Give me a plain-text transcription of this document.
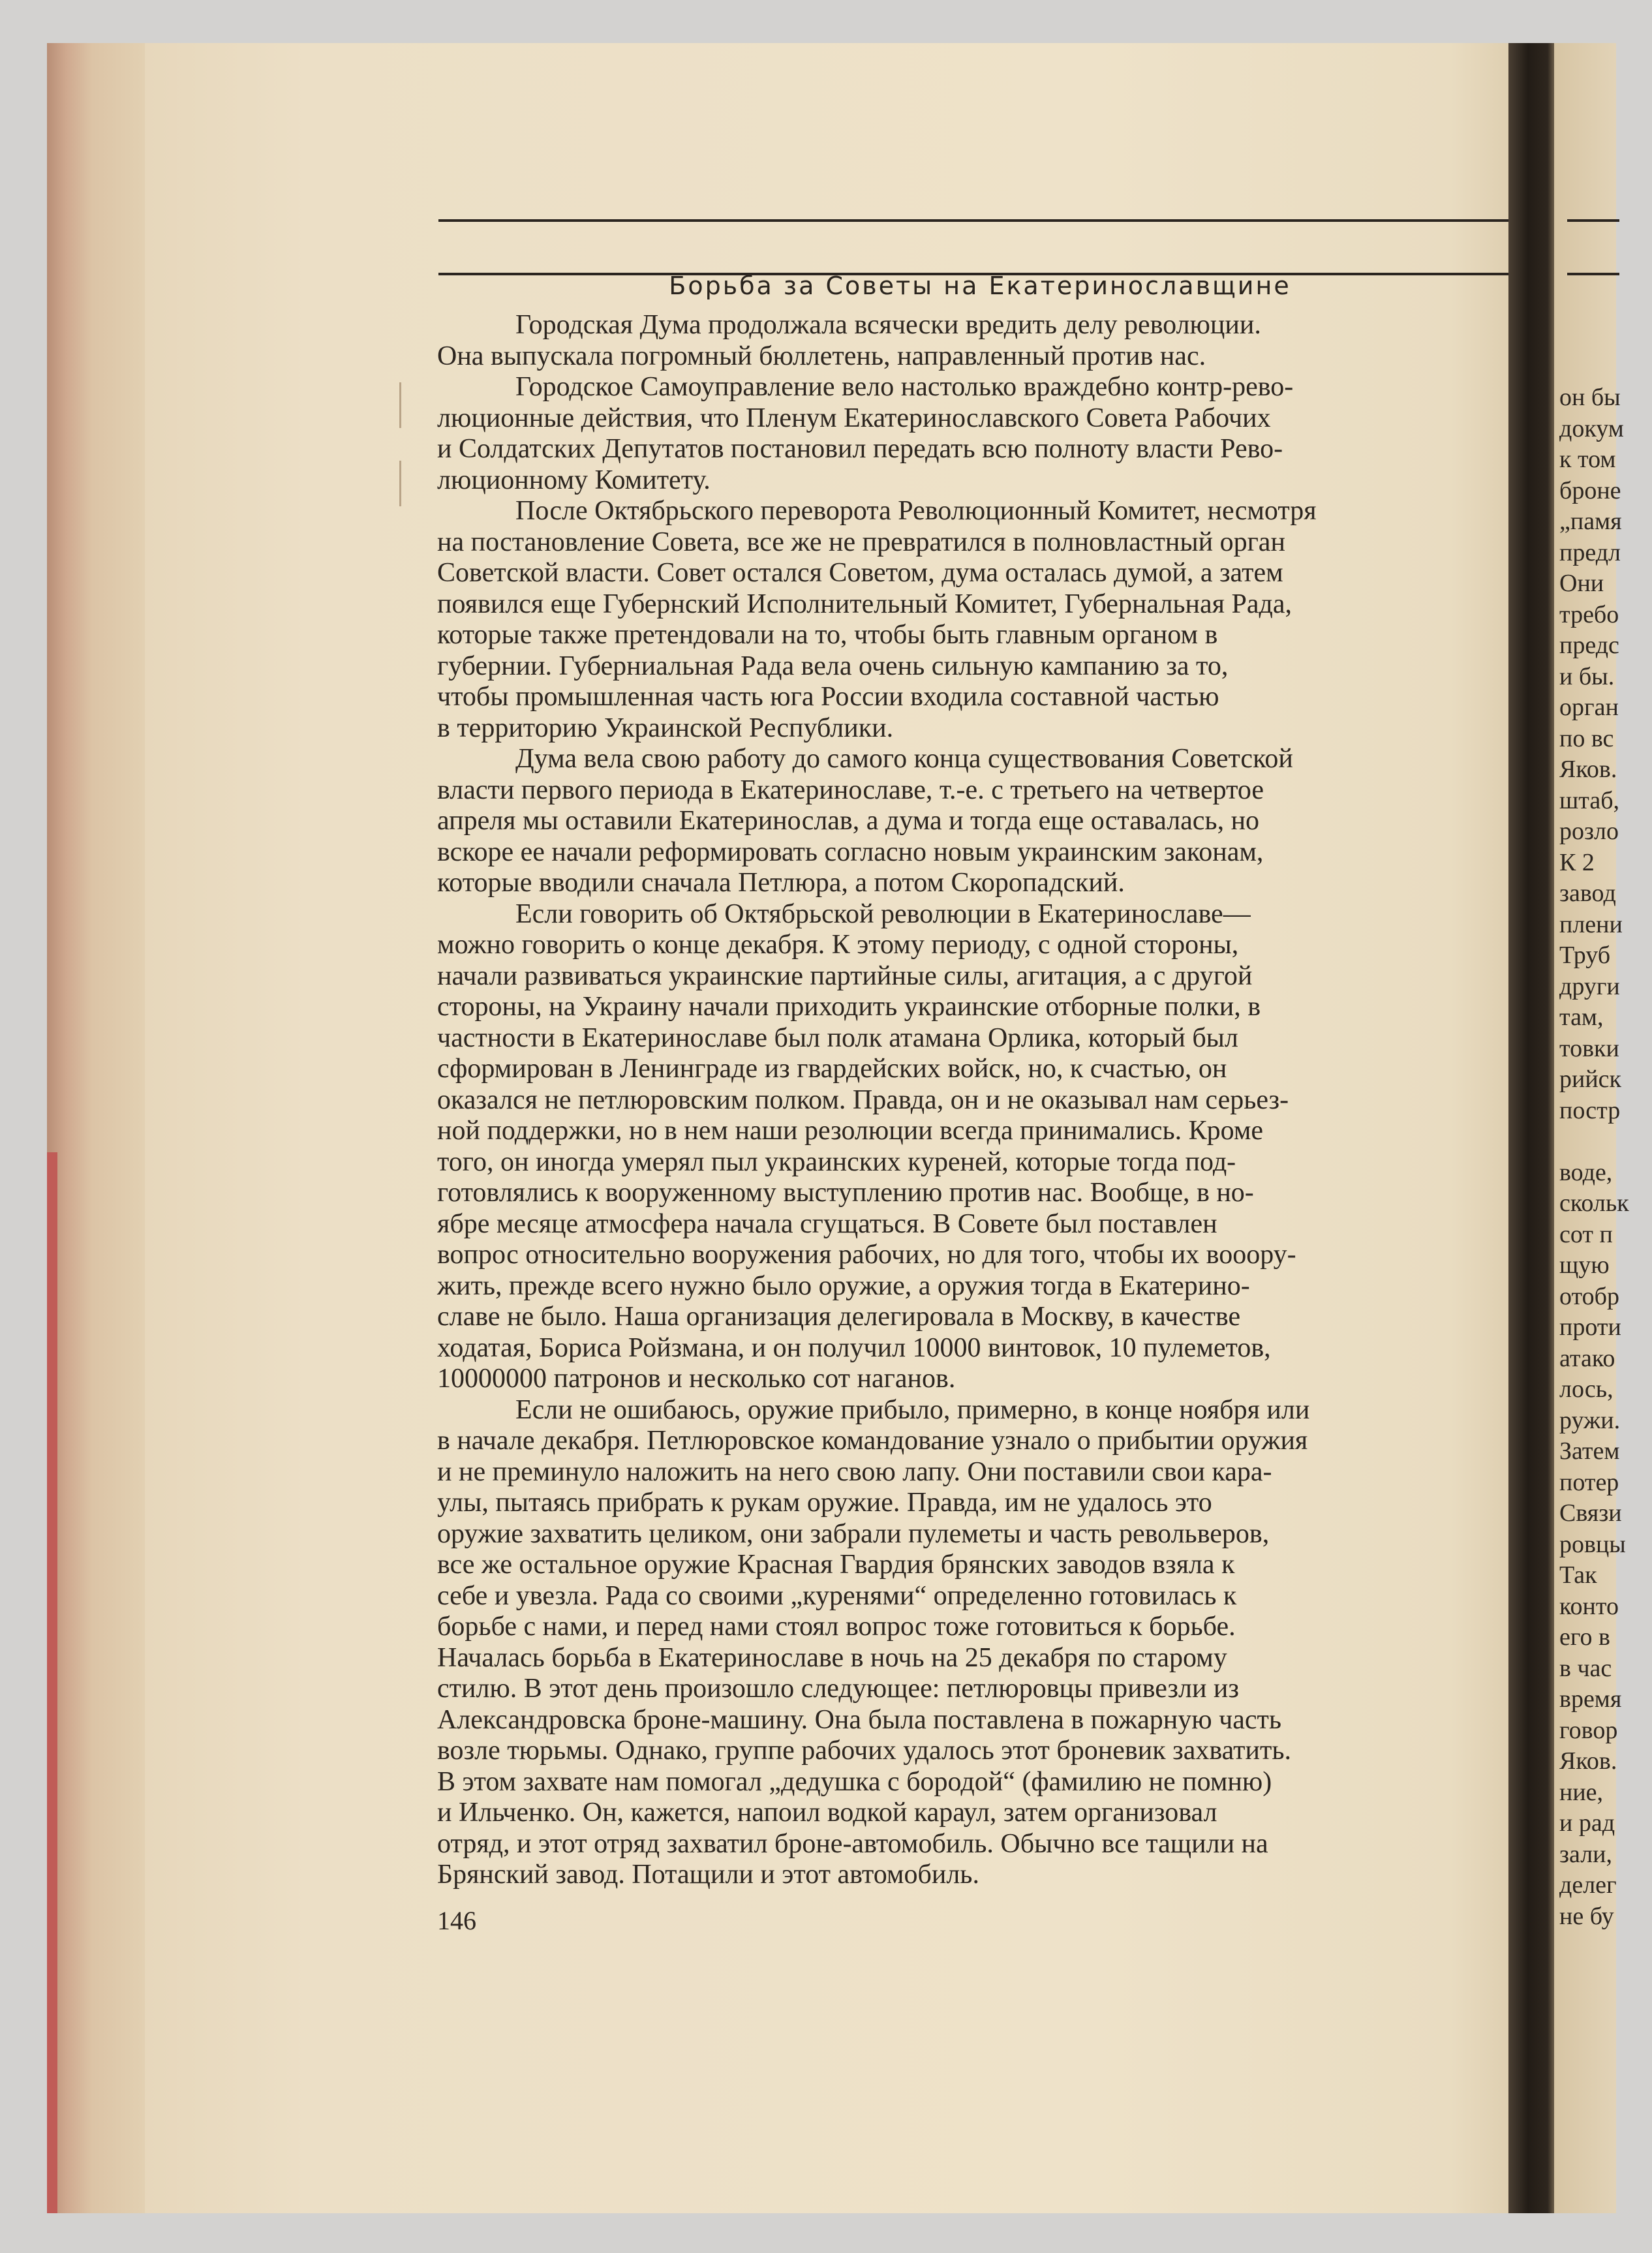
Борьба за Советы на Екатеринославщине
Городская Дума продолжала всячески вредить делу революции.
Она выпускала погромный бюллетень, направленный против нас.
Городское Самоуправление вело настолько враждебно контр-рево-
люционные действия, что Пленум Екатеринославского Совета Рабочих
и Солдатских Депутатов постановил передать всю полноту власти Рево-
люционному Комитету.
После Октябрьского переворота Революционный Комитет, несмотря
на постановление Совета, все же не превратился в полновластный орган
Советской власти. Совет остался Советом, дума осталась думой, а затем
появился еще Губернский Исполнительный Комитет, Губернальная Рада,
которые также претендовали на то, чтобы быть главным органом в
губернии. Губерниальная Рада вела очень сильную кампанию за то,
чтобы промышленная часть юга России входила составной частью
в территорию Украинской Республики.
Дума вела свою работу до самого конца существования Советской
власти первого периода в Екатеринославе, т.-е. с третьего на четвертое
апреля мы оставили Екатеринослав, а дума и тогда еще оставалась, но
вскоре ее начали реформировать согласно новым украинским законам,
которые вводили сначала Петлюра, а потом Скоропадский.
Если говорить об Октябрьской революции в Екатеринославе—
можно говорить о конце декабря. К этому периоду, с одной стороны,
начали развиваться украинские партийные силы, агитация, а с другой
стороны, на Украину начали приходить украинские отборные полки, в
частности в Екатеринославе был полк атамана Орлика, который был
сформирован в Ленинграде из гвардейских войск, но, к счастью, он
оказался не петлюровским полком. Правда, он и не оказывал нам серьез-
ной поддержки, но в нем наши резолюции всегда принимались. Кроме
того, он иногда умерял пыл украинских куреней, которые тогда под-
готовлялись к вооруженному выступлению против нас. Вообще, в но-
ябре месяце атмосфера начала сгущаться. В Совете был поставлен
вопрос относительно вооружения рабочих, но для того, чтобы их вооору-
жить, прежде всего нужно было оружие, а оружия тогда в Екатерино-
славе не было. Наша организация делегировала в Москву, в качестве
ходатая, Бориса Ройзмана, и он получил 10000 винтовок, 10 пулеметов,
10000000 патронов и несколько сот наганов.
Если не ошибаюсь, оружие прибыло, примерно, в конце ноября или
в начале декабря. Петлюровское командование узнало о прибытии оружия
и не преминуло наложить на него свою лапу. Они поставили свои кара-
улы, пытаясь прибрать к рукам оружие. Правда, им не удалось это
оружие захватить целиком, они забрали пулеметы и часть револьверов,
все же остальное оружие Красная Гвардия брянских заводов взяла к
себе и увезла. Рада со своими „куренями“ определенно готовилась к
борьбе с нами, и перед нами стоял вопрос тоже готовиться к борьбе.
Началась борьба в Екатеринославе в ночь на 25 декабря по старому
стилю. В этот день произошло следующее: петлюровцы привезли из
Александровска броне-машину. Она была поставлена в пожарную часть
возле тюрьмы. Однако, группе рабочих удалось этот броневик захватить.
В этом захвате нам помогал „дедушка с бородой“ (фамилию не помню)
и Ильченко. Он, кажется, напоил водкой караул, затем организовал
отряд, и этот отряд захватил броне-автомобиль. Обычно все тащили на
Брянский завод. Потащили и этот автомобиль.
146
он бы
докум
к том
броне
„памя
предл
Они
требо
предс
и бы.
орган
по вс
Яков.
штаб,
розло
К 2
завод
плени
Труб
други
там,
товки
рийск
постр
воде,
скольк
сот п
щую
отобр
проти
атако
лось,
ружи.
Затем
потер
Связи
ровцы
Так
конто
его в
в час
время
говор
Яков.
ние,
и рад
зали,
делег
не бу
